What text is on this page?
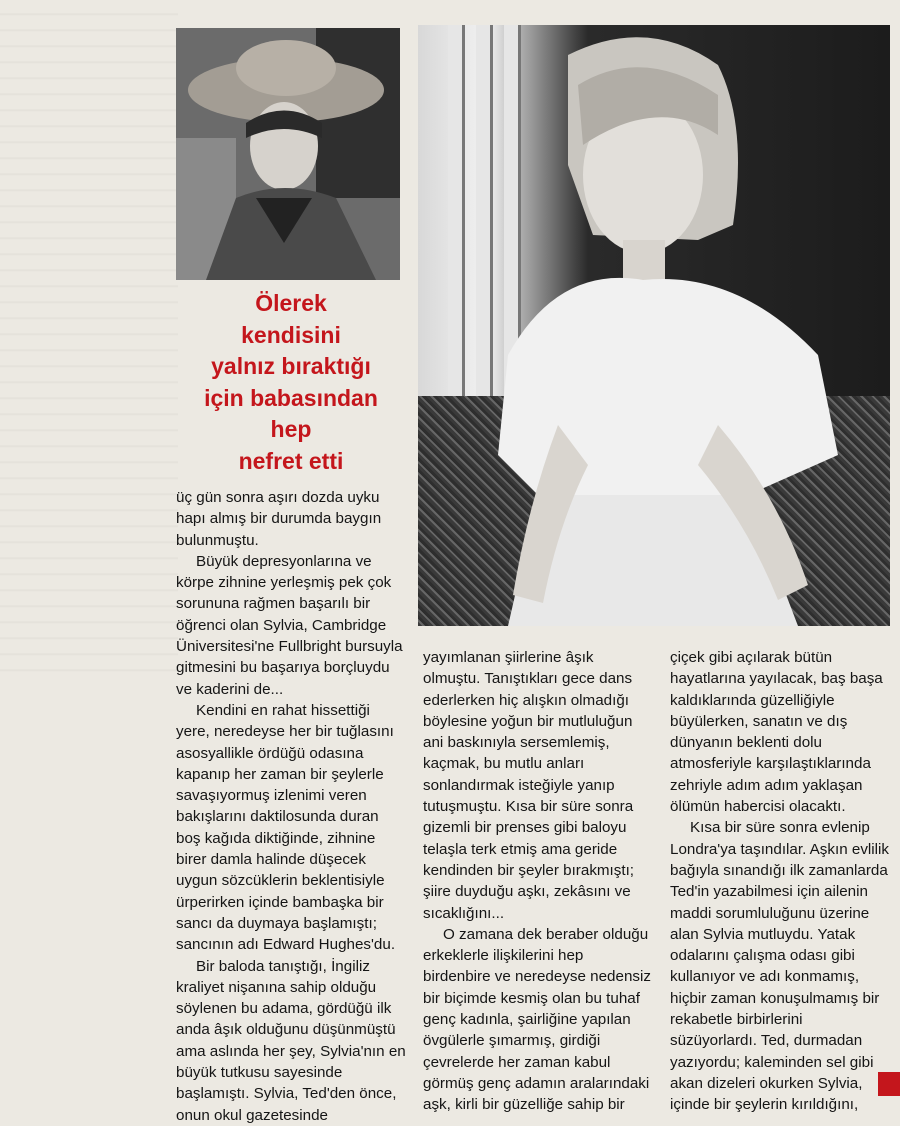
Ölerek
kendisini
yalnız bıraktığı
için babasından
hep
nefret etti
üç gün sonra aşırı dozda uyku
hapı almış bir durumda baygın
bulunmuştu.
Büyük depresyonlarına ve
körpe zihnine yerleşmiş pek çok
sorununa rağmen başarılı bir
öğrenci olan Sylvia, Cambridge
Üniversitesi'ne Fullbright bursuyla
gitmesini bu başarıya borçluydu
ve kaderini de...
Kendini en rahat hissettiği
yere, neredeyse her bir tuğlasını
asosyallikle ördüğü odasına
kapanıp her zaman bir şeylerle
savaşıyormuş izlenimi veren
bakışlarını daktilosunda duran
boş kağıda diktiğinde, zihnine
birer damla halinde düşecek
uygun sözcüklerin beklentisiyle
ürperirken içinde bambaşka bir
sancı da duymaya başlamıştı;
sancının adı Edward Hughes'du.
Bir baloda tanıştığı, İngiliz
kraliyet nişanına sahip olduğu
söylenen bu adama, gördüğü ilk
anda âşık olduğunu düşünmüştü
ama aslında her şey, Sylvia'nın en
büyük tutkusu sayesinde
başlamıştı. Sylvia, Ted'den önce,
onun okul gazetesinde
yayımlanan şiirlerine âşık
olmuştu. Tanıştıkları gece dans
ederlerken hiç alışkın olmadığı
böylesine yoğun bir mutluluğun
ani baskınıyla sersemlemiş,
kaçmak, bu mutlu anları
sonlandırmak isteğiyle yanıp
tutuşmuştu. Kısa bir süre sonra
gizemli bir prenses gibi baloyu
telaşla terk etmiş ama geride
kendinden bir şeyler bırakmıştı;
şiire duyduğu aşkı, zekâsını ve
sıcaklığını...
O zamana dek beraber olduğu
erkeklerle ilişkilerini hep
birdenbire ve neredeyse nedensiz
bir biçimde kesmiş olan bu tuhaf
genç kadınla, şairliğine yapılan
övgülerle şımarmış, girdiği
çevrelerde her zaman kabul
görmüş genç adamın aralarındaki
aşk, kirli bir güzelliğe sahip bir
çiçek gibi açılarak bütün
hayatlarına yayılacak, baş başa
kaldıklarında güzelliğiyle
büyülerken, sanatın ve dış
dünyanın beklenti dolu
atmosferiyle karşılaştıklarında
zehriyle adım adım yaklaşan
ölümün habercisi olacaktı.
Kısa bir süre sonra evlenip
Londra'ya taşındılar. Aşkın evlilik
bağıyla sınandığı ilk zamanlarda
Ted'in yazabilmesi için ailenin
maddi sorumluluğunu üzerine
alan Sylvia mutluydu. Yatak
odalarını çalışma odası gibi
kullanıyor ve adı konmamış,
hiçbir zaman konuşulmamış bir
rekabetle birbirlerini
süzüyorlardı. Ted, durmadan
yazıyordu; kaleminden sel gibi
akan dizeleri okurken Sylvia,
içinde bir şeylerin kırıldığını,
